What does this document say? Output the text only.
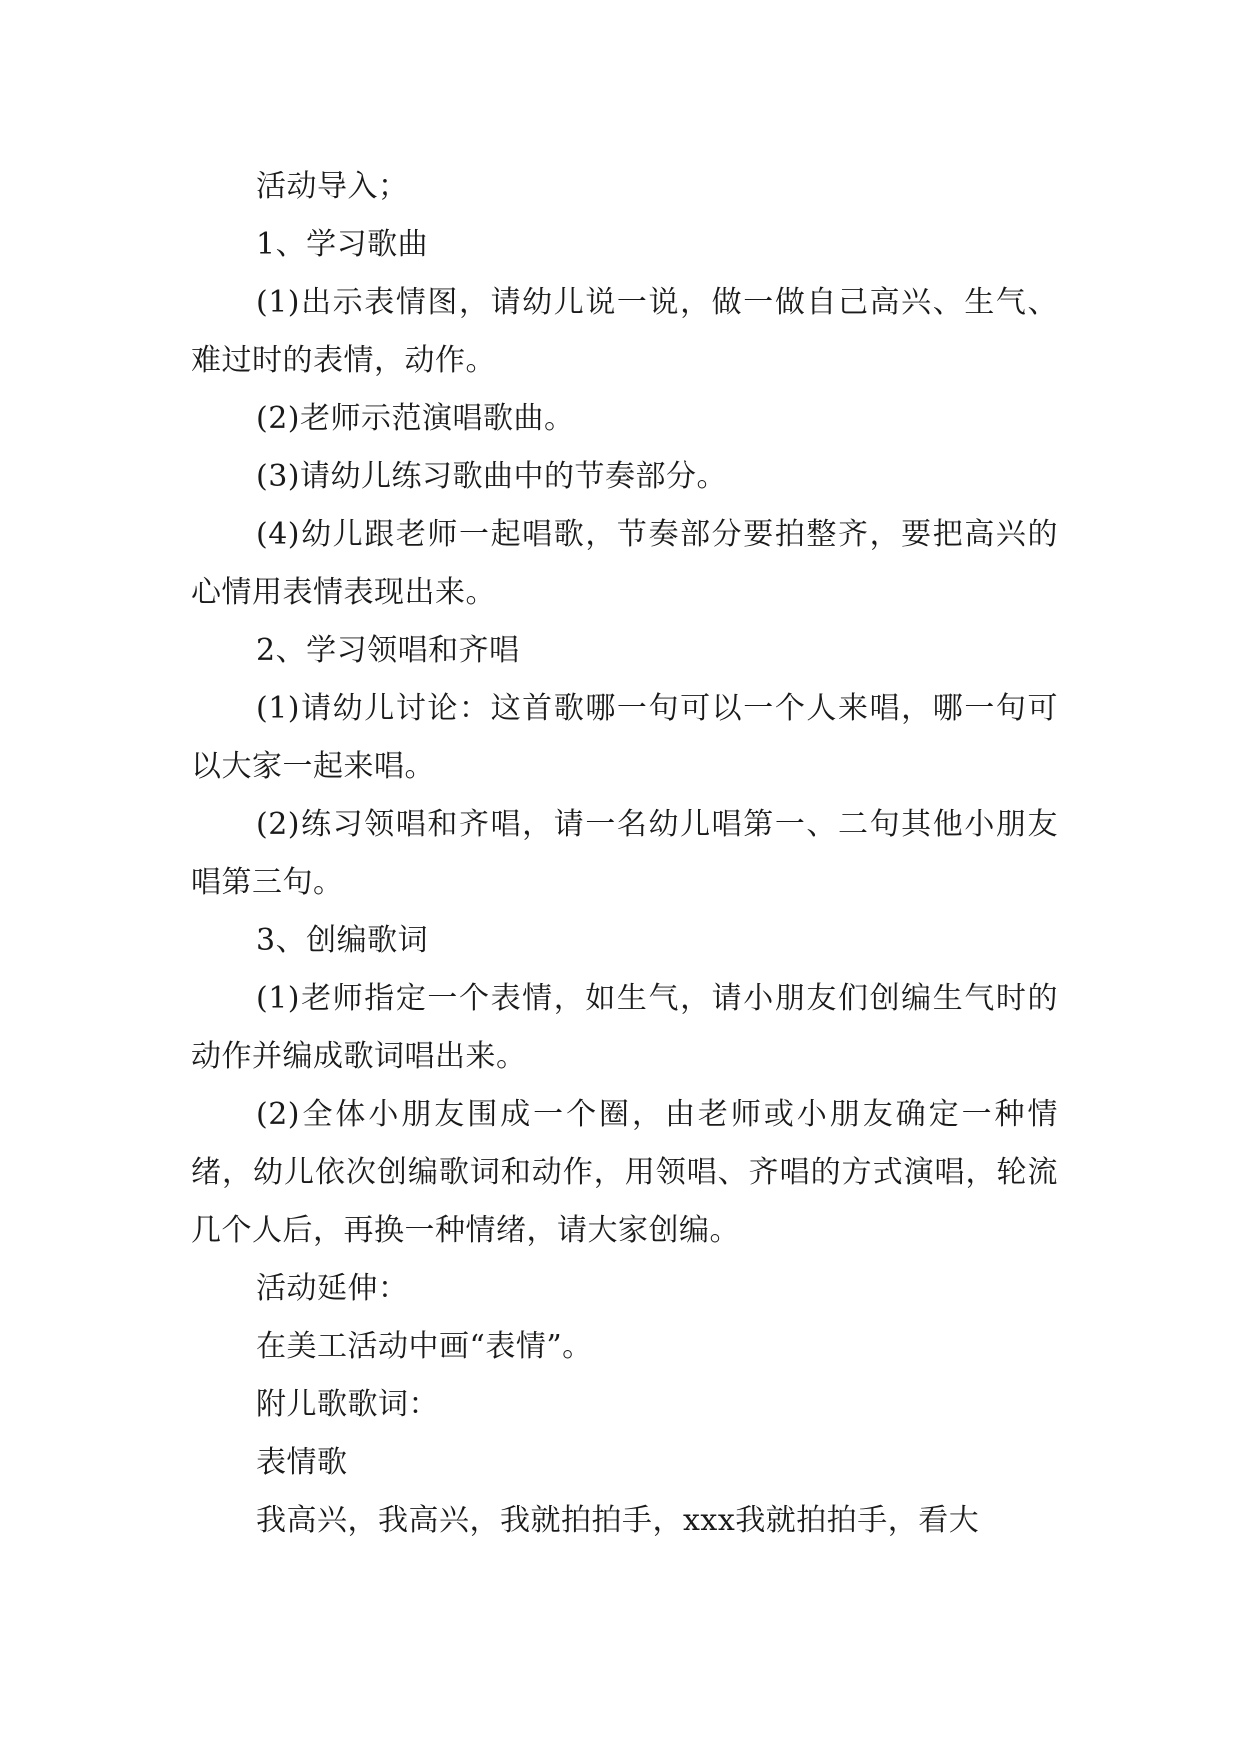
活动导入；

1、学习歌曲

(1)出示表情图，请幼儿说一说，做一做自己高兴、生气、难过时的表情，动作。

(2)老师示范演唱歌曲。

(3)请幼儿练习歌曲中的节奏部分。

(4)幼儿跟老师一起唱歌，节奏部分要拍整齐，要把高兴的心情用表情表现出来。

2、学习领唱和齐唱

(1)请幼儿讨论：这首歌哪一句可以一个人来唱，哪一句可以大家一起来唱。

(2)练习领唱和齐唱，请一名幼儿唱第一、二句其他小朋友唱第三句。

3、创编歌词

(1)老师指定一个表情，如生气，请小朋友们创编生气时的动作并编成歌词唱出来。

(2)全体小朋友围成一个圈，由老师或小朋友确定一种情绪，幼儿依次创编歌词和动作，用领唱、齐唱的方式演唱，轮流几个人后，再换一种情绪，请大家创编。

活动延伸：

在美工活动中画“表情”。

附儿歌歌词：

表情歌

我高兴，我高兴，我就拍拍手，xxx我就拍拍手，看大
